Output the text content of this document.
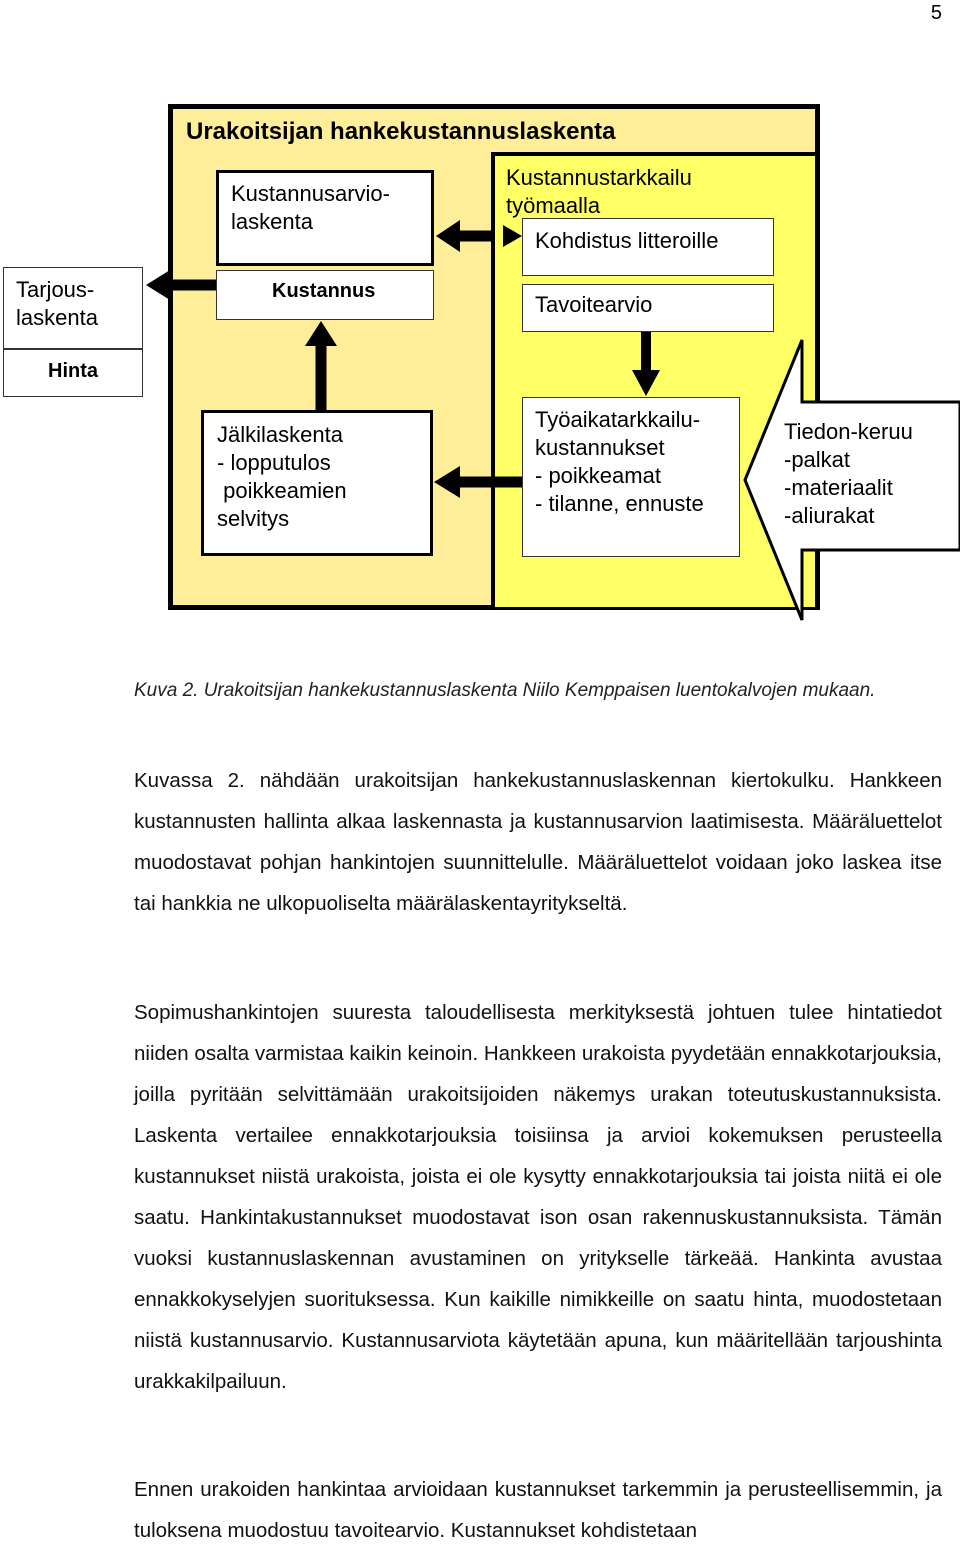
5
Urakoitsijan hankekustannuslaskenta
Tarjous-
laskenta
Hinta
Kustannusarvio-
laskenta
Kustannus
Kustannustarkkailu
työmaalla
Kohdistus litteroille
Tavoitearvio
Jälkilaskenta
- lopputulos
poikkeamien
selvitys
Työaikatarkkailu-
kustannukset
- poikkeamat
- tilanne, ennuste
Tiedon-keruu
-palkat
-materiaalit
-aliurakat
Kuva 2. Urakoitsijan hankekustannuslaskenta Niilo Kemppaisen luentokalvojen mukaan.

Kuvassa 2. nähdään urakoitsijan hankekustannuslaskennan kiertokulku. Hankkeen kustannusten hallinta alkaa laskennasta ja kustannusarvion laatimisesta. Määräluettelot muodostavat pohjan hankintojen suunnittelulle. Määräluettelot voidaan joko laskea itse tai hankkia ne ulkopuoliselta määrälaskentayritykseltä.

Sopimushankintojen suuresta taloudellisesta merkityksestä johtuen tulee hintatiedot niiden osalta varmistaa kaikin keinoin. Hankkeen urakoista pyydetään ennakkotarjouksia, joilla pyritään selvittämään urakoitsijoiden näkemys urakan toteutuskustannuksista. Laskenta vertailee ennakkotarjouksia toisiinsa ja arvioi kokemuksen perusteella kustannukset niistä urakoista, joista ei ole kysytty ennakkotarjouksia tai joista niitä ei ole saatu. Hankintakustannukset muodostavat ison osan rakennuskustannuksista. Tämän vuoksi kustannuslaskennan avustaminen on yritykselle tärkeää. Hankinta avustaa ennakkokyselyjen suorituksessa. Kun kaikille nimikkeille on saatu hinta, muodostetaan niistä kustannusarvio. Kustannusarviota käytetään apuna, kun määritellään tarjoushinta urakkakilpailuun.

Ennen urakoiden hankintaa arvioidaan kustannukset tarkemmin ja perusteellisemmin, ja tuloksena muodostuu tavoitearvio. Kustannukset kohdistetaan
